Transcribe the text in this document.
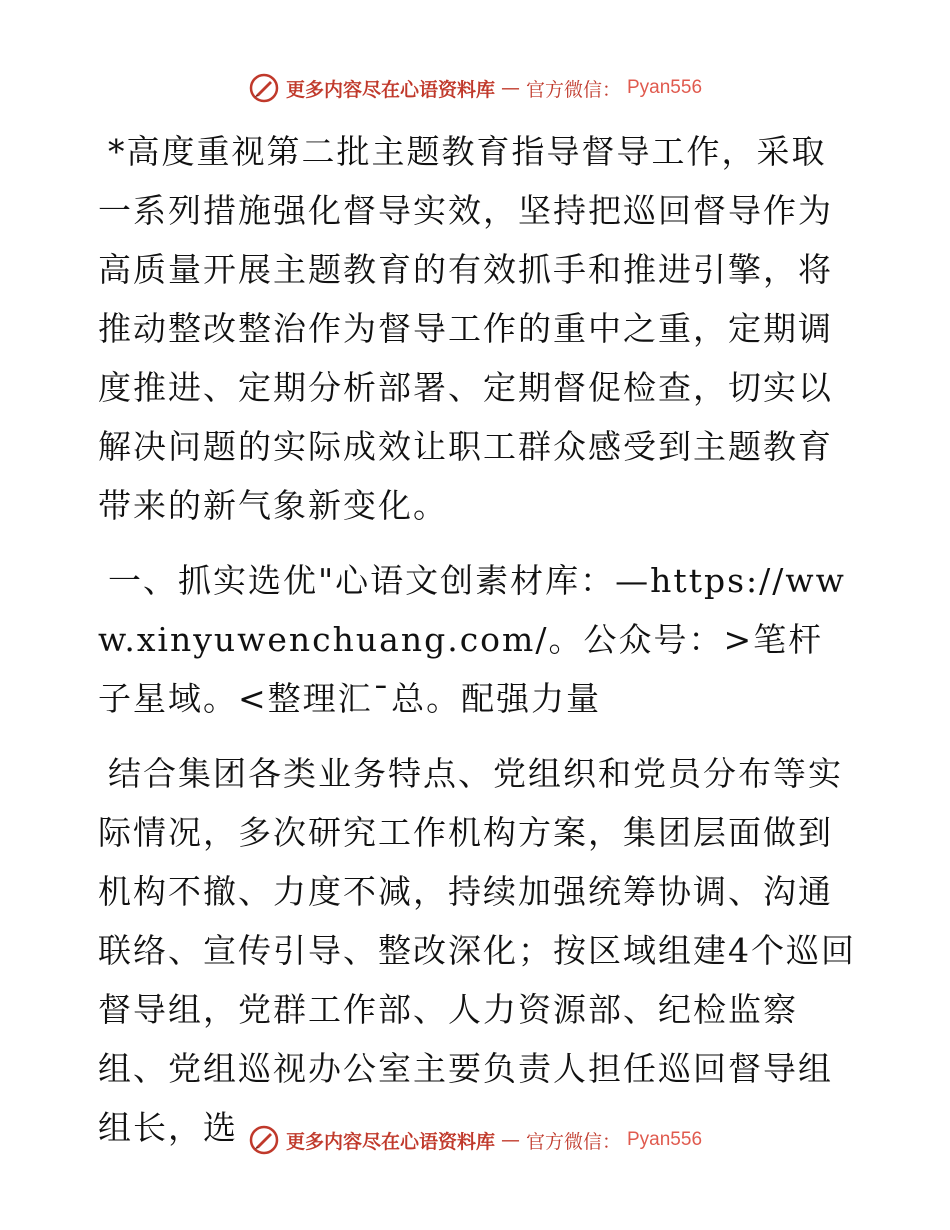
更多内容尽在心语资料库 — 官方微信： Pyan556

*高度重视第二批主题教育指导督导工作，采取一系列措施强化督导实效，坚持把巡回督导作为高质量开展主题教育的有效抓手和推进引擎，将推动整改整治作为督导工作的重中之重，定期调度推进、定期分析部署、定期督促检查，切实以解决问题的实际成效让职工群众感受到主题教育带来的新气象新变化。

一、抓实选优"心语文创素材库：—https://www.xinyuwenchuang.com/。公众号：>笔杆子星域。<整理汇¯总。配强力量

结合集团各类业务特点、党组织和党员分布等实际情况，多次研究工作机构方案，集团层面做到机构不撤、力度不减，持续加强统筹协调、沟通联络、宣传引导、整改深化；按区域组建4个巡回督导组，党群工作部、人力资源部、纪检监察组、党组巡视办公室主要负责人担任巡回督导组组长，选	更多内容尽在心语资料库 — 官方微信： Pyan556
